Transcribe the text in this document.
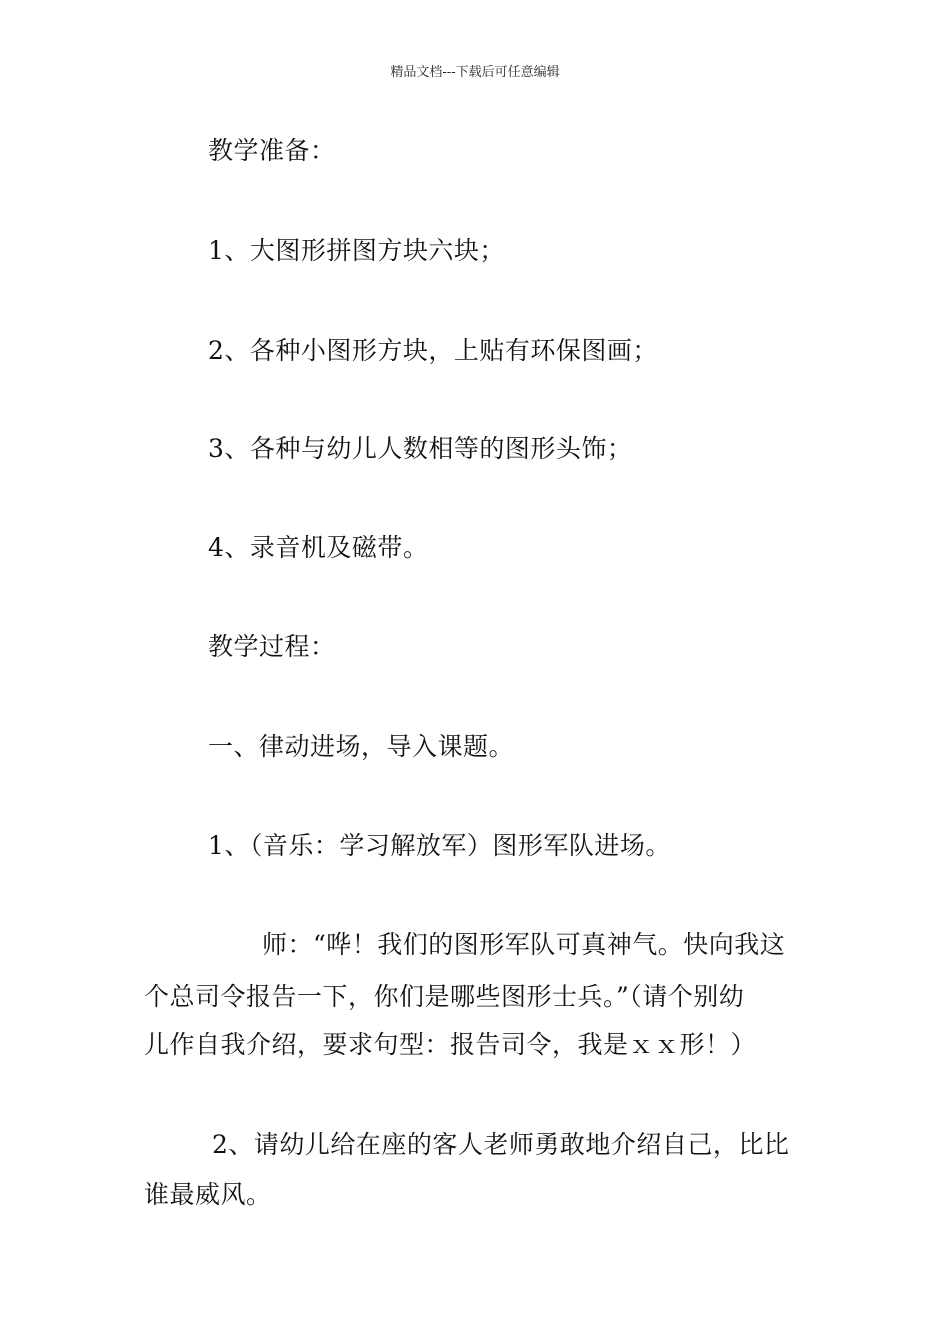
精品文档---下载后可任意编辑
教学准备：
1、大图形拼图方块六块；
2、各种小图形方块，上贴有环保图画；
3、各种与幼儿人数相等的图形头饰；
4、录音机及磁带。
教学过程：
一、律动进场，导入课题。
1、（音乐：学习解放军）图形军队进场。
师：“哗！我们的图形军队可真神气。快向我这
个总司令报告一下，你们是哪些图形士兵。”（请个别幼
儿作自我介绍，要求句型：报告司令，我是ｘｘ形！）
2、请幼儿给在座的客人老师勇敢地介绍自己，比比
谁最威风。
